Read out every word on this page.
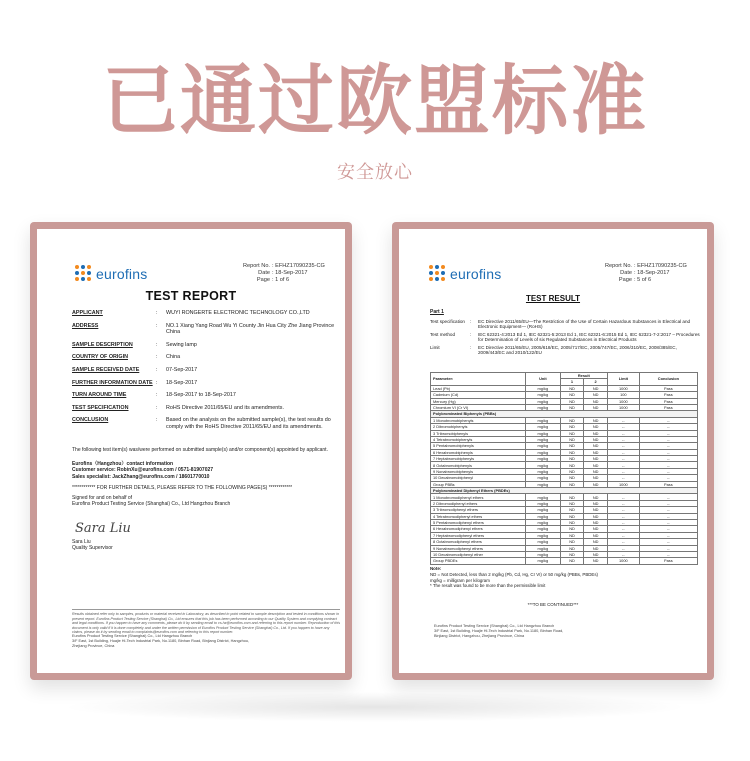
已通过欧盟标准
安全放心
eurofins	Report No. : EFHZ17090235-CG
Date : 18-Sep-2017
Page : 1 of 6
TEST REPORT
APPLICANT	:	WUYI RONGERTE ELECTRONIC TECHNOLOGY CO.,LTD
ADDRESS	:	NO.1 Xiang Yang Road Wu Yi County Jin Hua City Zhe Jiang Province China
SAMPLE DESCRIPTION	:	Sewing lamp
COUNTRY OF ORIGIN	:	China
SAMPLE RECEIVED DATE	:	07-Sep-2017
FURTHER INFORMATION DATE :	18-Sep-2017
TURN AROUND TIME	:	18-Sep-2017 to 18-Sep-2017
TEST SPECIFICATION	:	RoHS Directive 2011/65/EU and its amendments.
CONCLUSION	:	Based on the analysis on the submitted sample(s), the test results do comply with the RoHS Directive 2011/65/EU and its amendments.
The following test item(s) was/were performed on submitted sample(s) and/or component(s) appointed by applicant.
Eurofins（Hangzhou）contact information
Customer service: RobinXu@eurofins.com / 0571-81907027
Sales specialist: JackZhang@eurofins.com / 18601770010
************ FOR FURTHER DETAILS, PLEASE REFER TO THE FOLLOWING PAGE(S) ************
Signed for and on behalf of
Eurofins Product Testing Service (Shanghai) Co., Ltd Hangzhou Branch
Sara Liu
Sara Liu
Quality Supervisor
Results obtained refer only to samples, products or material received in Laboratory, as described in point related to sample description and tested in conditions shown in present report. Eurofins Product Testing Service (Shanghai) Co., Ltd ensures that this job has been performed according to our Quality System and complying contract and legal conditions. If you happen to have any comments, please do it by sending email to cs.hz@eurofins.com and referring to this report number. Reproduction of this document is only valid if it is done completely and under the written permission of Eurofins Product Testing Service (Shanghai) Co., Ltd. If you happen to have any claims, please do it by sending email to complaints@eurofins.com and referring to this report number.
Eurofins Product Testing Service (Shanghai) Co., Ltd Hangzhou Branch
3/F East, 1st Building, Huajie Hi-Tech Industrial Park, No.1180, Binhan Road, Binjiang District, Hangzhou,
Zhejiang Province, China
eurofins	Report No. : EFHZ17090235-CG
Date : 18-Sep-2017
Page : 5 of 6
TEST RESULT
Part 1
Test specification	:	EC Directive 2011/65/EU—The Restriction of the Use of Certain Hazardous Substances in Electrical and Electronic Equipment— (RoHS)
Test method	:	IEC 62321-4:2013 Ed 1, IEC 62321-5:2013 Ed 1, IEC 62321-6:2015 Ed 1, IEC 62321-7-2:2017 – Procedures for Determination of Levels of six Regulated Substances in Electrical Products
Limit	:	EC Directive 2011/65/EU, 2005/618/EC, 2005/717/EC, 2005/747/EC, 2006/310/EC, 2008/385/EC, 2009/443/EC and 2010/122/EU
Parameter:	Unit	Result		Limit	Conclusion
		1	2		
Lead (Pb)	mg/kg	ND	ND	1000	Pass
Cadmium (Cd)	mg/kg	ND	ND	100	Pass
Mercury (Hg)	mg/kg	ND	ND	1000	Pass
Chromium VI (Cr VI)	mg/kg	ND	ND	1000	Pass
Polybrominated Biphenyls (PBBs)					
1 Monobromobiphenyls	mg/kg	ND	ND	--	--
2 Dibromobiphenyls	mg/kg	ND	ND	--	--
3 Tribromobiphenyls	mg/kg	ND	ND	--	--
4 Tetrabromobiphenyls	mg/kg	ND	ND	--	--
5 Pentabromobiphenyls	mg/kg	ND	ND	--	--
6 Hexabromobiphenyls	mg/kg	ND	ND	--	--
7 Heptabromobiphenyls	mg/kg	ND	ND	--	--
8 Octabromobiphenyls	mg/kg	ND	ND	--	--
9 Nonabromobiphenyls	mg/kg	ND	ND	--	--
10 Decabromobiphenyl	mg/kg	ND	ND	--	--
Group PBBs	mg/kg	ND	ND	1000	Pass
Polybrominated Diphenyl Ethers (PBDEs)					
1 Monobromodiphenyl ethers	mg/kg	ND	ND	--	--
2 Dibromodiphenyl ethers	mg/kg	ND	ND	--	--
3 Tribromodiphenyl ethers	mg/kg	ND	ND	--	--
4 Tetrabromodiphenyl ethers	mg/kg	ND	ND	--	--
5 Pentabromodiphenyl ethers	mg/kg	ND	ND	--	--
6 Hexabromodiphenyl ethers	mg/kg	ND	ND	--	--
7 Heptabromodiphenyl ethers	mg/kg	ND	ND	--	--
8 Octabromodiphenyl ethers	mg/kg	ND	ND	--	--
9 Nonabromodiphenyl ethers	mg/kg	ND	ND	--	--
10 Decabromodiphenyl ether	mg/kg	ND	ND	--	--
Group PBDEs	mg/kg	ND	ND	1000	Pass
Note:
ND = Not Detected, less than 2 mg/kg (Pb, Cd, Hg, Cr VI) or 50 mg/kg (PBBs, PBDEs)
mg/kg = milligram per kilogram
* The result was found to be more than the permissible limit
***TO BE CONTINUED***
Eurofins Product Testing Service (Shanghai) Co., Ltd Hangzhou Branch
3/F East, 1st Building, Huajie Hi-Tech Industrial Park, No.1180, Binhan Road,
Binjiang District, Hangzhou, Zhejiang Province, China
